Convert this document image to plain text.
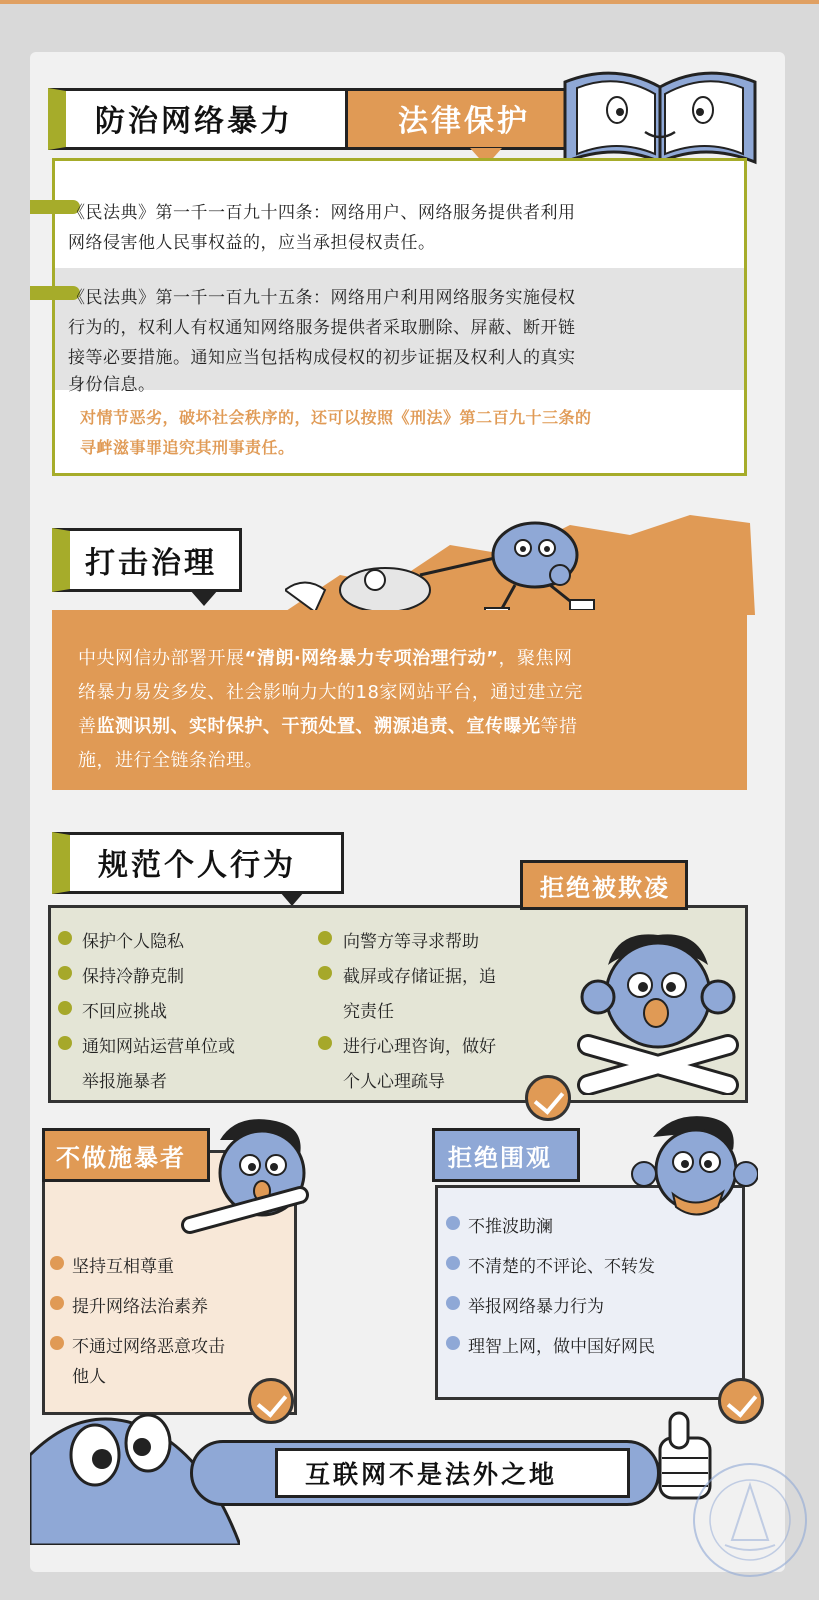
防治网络暴力	法律保护
《民法典》第一千一百九十四条：网络用户、网络服务提供者利用
网络侵害他人民事权益的，应当承担侵权责任。
《民法典》第一千一百九十五条：网络用户利用网络服务实施侵权
行为的，权利人有权通知网络服务提供者采取删除、屏蔽、断开链
接等必要措施。通知应当包括构成侵权的初步证据及权利人的真实
身份信息。
对情节恶劣，破坏社会秩序的，还可以按照《刑法》第二百九十三条的
寻衅滋事罪追究其刑事责任。
打击治理
中央网信办部署开展“清朗·网络暴力专项治理行动”，聚焦网
络暴力易发多发、社会影响力大的18家网站平台，通过建立完
善监测识别、实时保护、干预处置、溯源追责、宣传曝光等措
施，进行全链条治理。
规范个人行为
拒绝被欺凌
保护个人隐私
保持冷静克制
不回应挑战
通知网站运营单位或
举报施暴者
向警方等寻求帮助
截屏或存储证据，追
究责任
进行心理咨询，做好
个人心理疏导
不做施暴者
坚持互相尊重
提升网络法治素养
不通过网络恶意攻击
他人
拒绝围观
不推波助澜
不清楚的不评论、不转发
举报网络暴力行为
理智上网，做中国好网民
互联网不是法外之地
